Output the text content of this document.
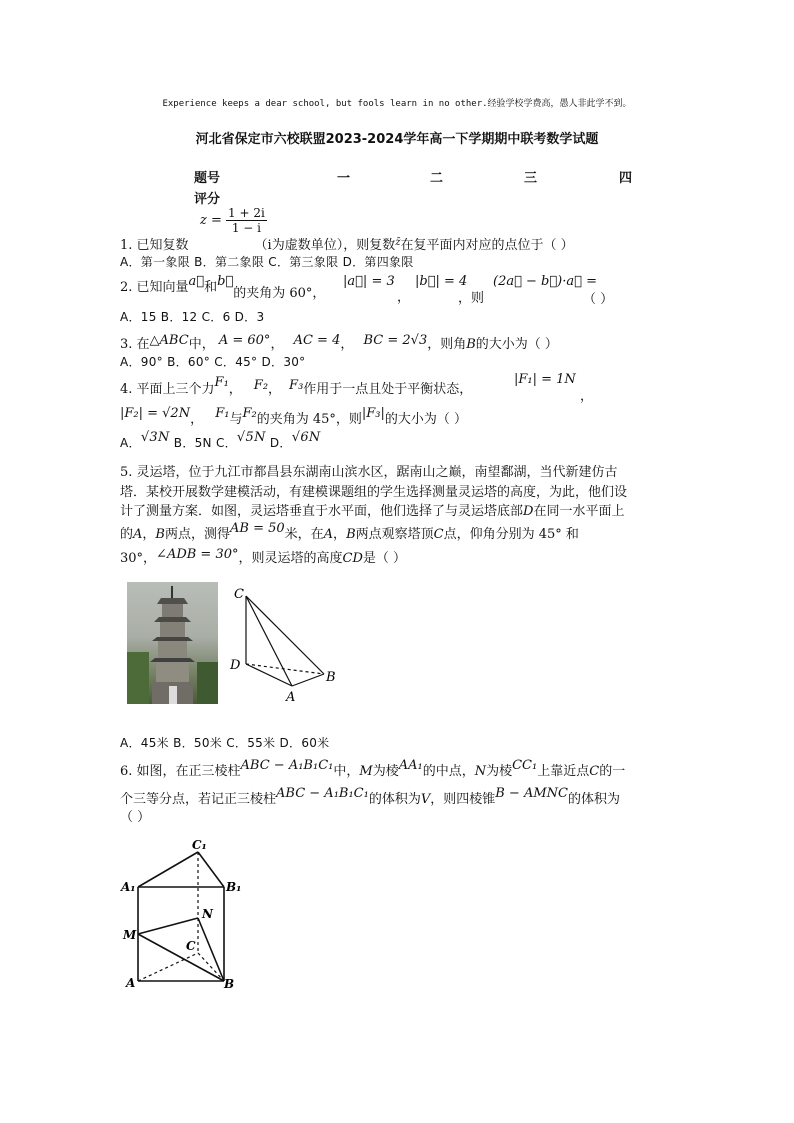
Experience keeps a dear school, but fools learn in no other.经验学校学费高，愚人非此学不到。
河北省保定市六校联盟2023-2024学年高一下学期期中联考数学试题
题号	一	二	三	四
评分
$z = \frac{1 + 2i}{1 - i}$
1. 已知复数	（i为虚数单位），则复数$^{z̄}$在复平面内对应的点位于（ ）
A．第一象限 B．第二象限 C．第三象限 D．第四象限
2. 已知向量a⃗和b⃗的夹角为 60°，
|a⃗| = 3
，
|b⃗| = 4
，则
(2a⃗ − b⃗)·a⃗ =
（ ）
A．15 B．12 C．6 D．3
3. 在△ABC中， A = 60°， AC = 4， BC = 2√3，则角B的大小为（ ）
A．90° B．60° C．45° D．30°
4. 平面上三个力F₁， F₂， F₃作用于一点且处于平衡状态，
|F₁| = 1N
，
|F₂| = √2N， F₁与F₂的夹角为 45°，则|F₃|的大小为（ ）
A．√3N B．5N C．√5N D．√6N
5. 灵运塔，位于九江市都昌县东湖南山滨水区，踞南山之巅，南望鄱湖，当代新建仿古
塔．某校开展数学建模活动，有建模课题组的学生选择测量灵运塔的高度，为此，他们设
计了测量方案．如图，灵运塔垂直于水平面，他们选择了与灵运塔底部D在同一水平面上
的A，B两点，测得AB = 50米，在A，B两点观察塔顶C点，仰角分别为 45° 和
30°，∠ADB = 30°，则灵运塔的高度CD是（ ）
C
D
A
B
A．45米 B．50米 C．55米 D．60米
6. 如图，在正三棱柱ABC − A₁B₁C₁中，M为棱AA₁的中点，N为棱CC₁上靠近点C的一
个三等分点，若记正三棱柱ABC − A₁B₁C₁的体积为V，则四棱锥B − AMNC的体积为
（ ）
C₁
A₁	B₁
M
N
C
A	B
